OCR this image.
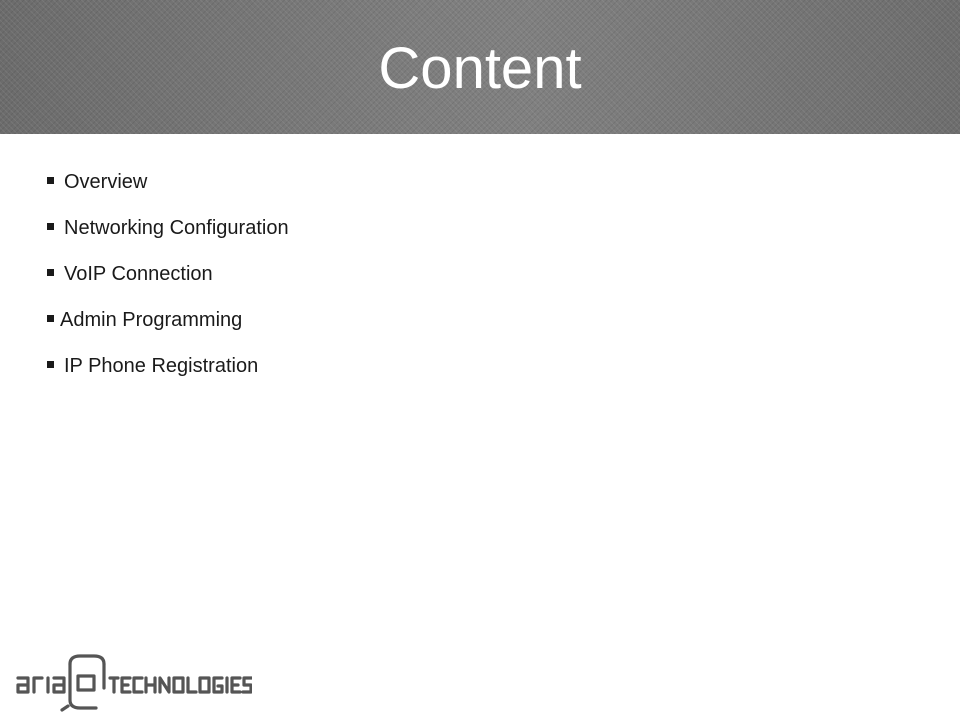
Content
Overview
Networking Configuration
VoIP Connection
Admin Programming
IP Phone Registration
